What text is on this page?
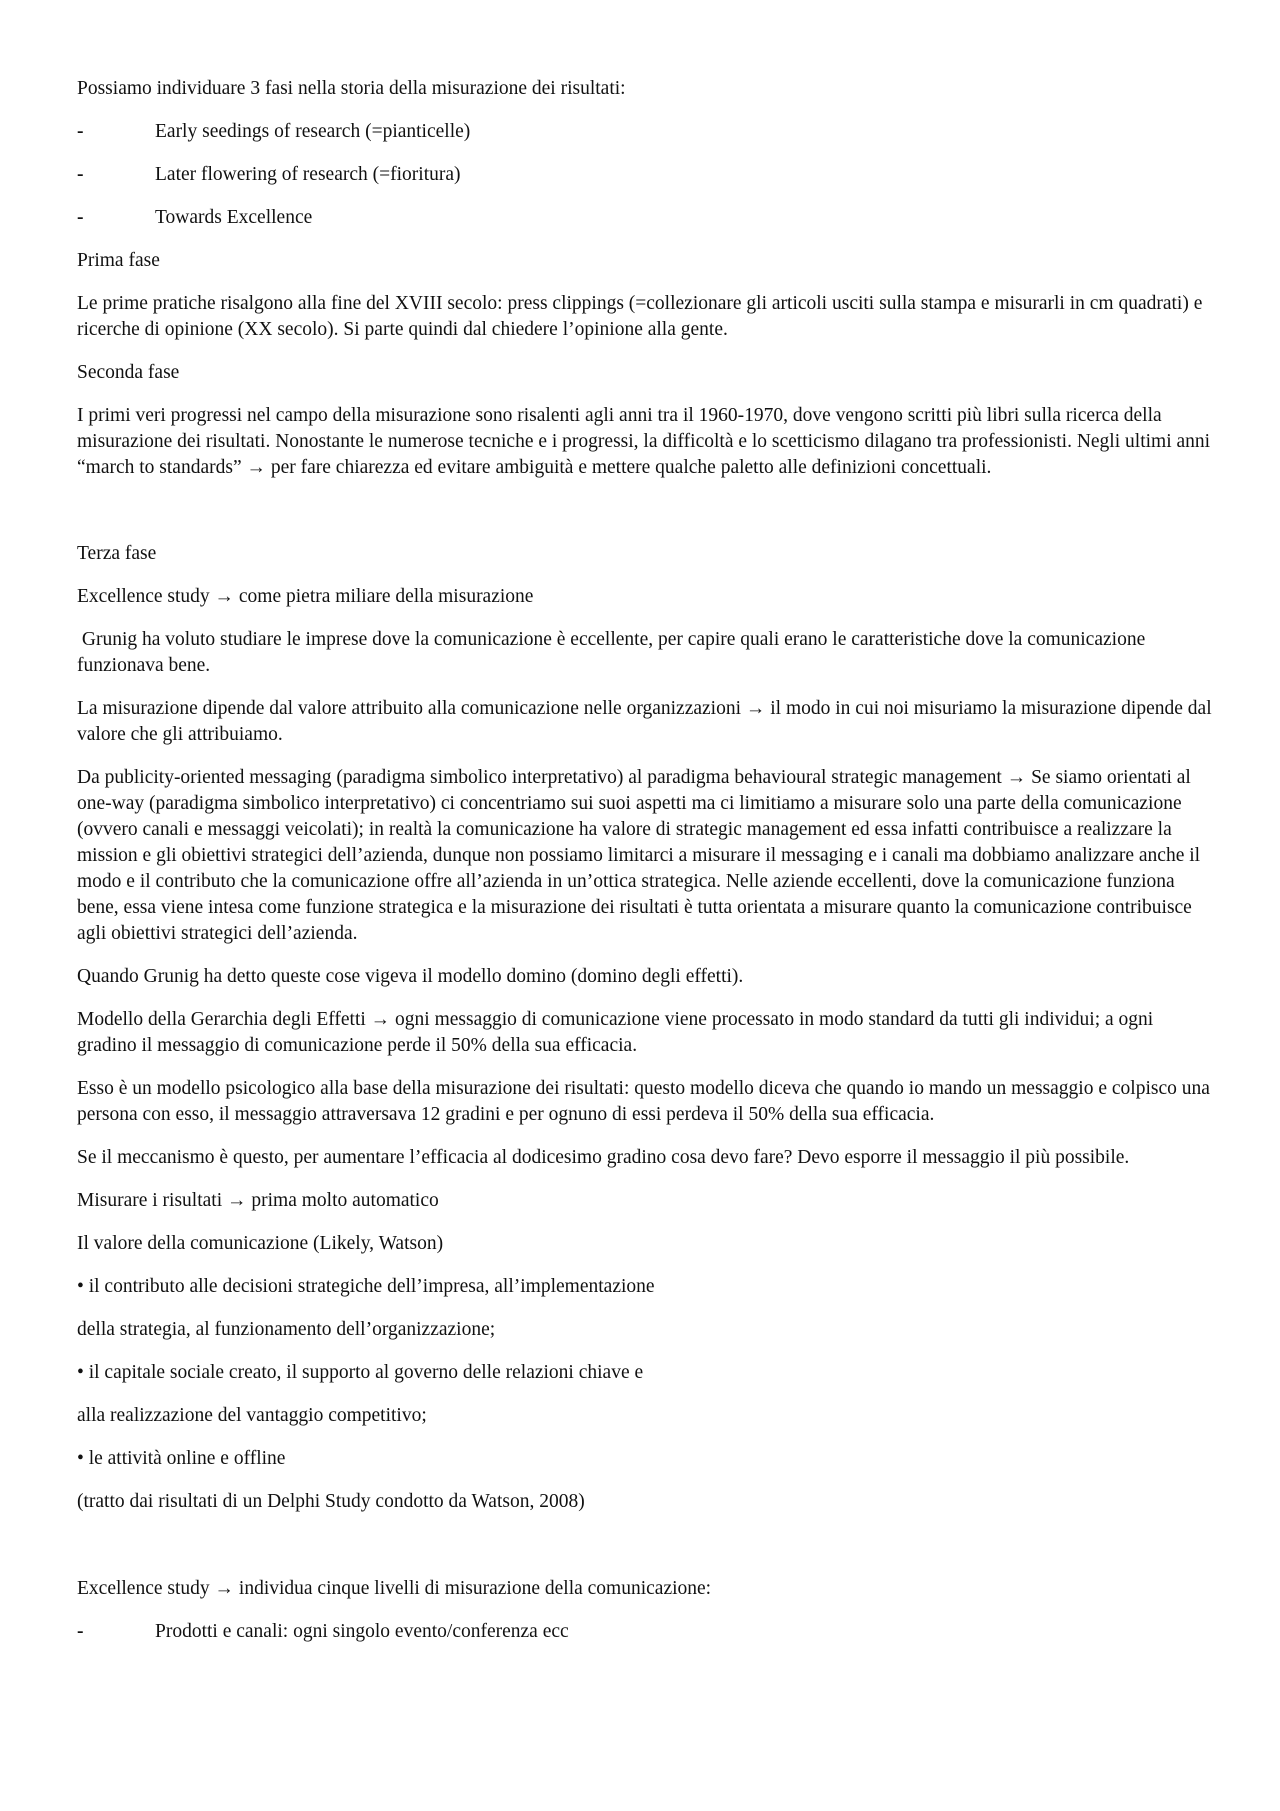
Possiamo individuare 3 fasi nella storia della misurazione dei risultati:

-	Early seedings of research (=pianticelle)
-	Later flowering of research (=fioritura)
-	Towards Excellence

Prima fase

Le prime pratiche risalgono alla fine del XVIII secolo: press clippings (=collezionare gli articoli usciti sulla stampa e misurarli in cm quadrati) e ricerche di opinione (XX secolo). Si parte quindi dal chiedere l’opinione alla gente.

Seconda fase

I primi veri progressi nel campo della misurazione sono risalenti agli anni tra il 1960-1970, dove vengono scritti più libri sulla ricerca della misurazione dei risultati. Nonostante le numerose tecniche e i progressi, la difficoltà e lo scetticismo dilagano tra professionisti. Negli ultimi anni “march to standards” → per fare chiarezza ed evitare ambiguità e mettere qualche paletto alle definizioni concettuali.

Terza fase

Excellence study → come pietra miliare della misurazione

Grunig ha voluto studiare le imprese dove la comunicazione è eccellente, per capire quali erano le caratteristiche dove la comunicazione funzionava bene.

La misurazione dipende dal valore attribuito alla comunicazione nelle organizzazioni → il modo in cui noi misuriamo la misurazione dipende dal valore che gli attribuiamo.

Da publicity-oriented messaging (paradigma simbolico interpretativo) al paradigma behavioural strategic management → Se siamo orientati al one-way (paradigma simbolico interpretativo) ci concentriamo sui suoi aspetti ma ci limitiamo a misurare solo una parte della comunicazione (ovvero canali e messaggi veicolati); in realtà la comunicazione ha valore di strategic management ed essa infatti contribuisce a realizzare la mission e gli obiettivi strategici dell’azienda, dunque non possiamo limitarci a misurare il messaging e i canali ma dobbiamo analizzare anche il modo e il contributo che la comunicazione offre all’azienda in un’ottica strategica. Nelle aziende eccellenti, dove la comunicazione funziona bene, essa viene intesa come funzione strategica e la misurazione dei risultati è tutta orientata a misurare quanto la comunicazione contribuisce agli obiettivi strategici dell’azienda.

Quando Grunig ha detto queste cose vigeva il modello domino (domino degli effetti).

Modello della Gerarchia degli Effetti → ogni messaggio di comunicazione viene processato in modo standard da tutti gli individui; a ogni gradino il messaggio di comunicazione perde il 50% della sua efficacia.

Esso è un modello psicologico alla base della misurazione dei risultati: questo modello diceva che quando io mando un messaggio e colpisco una persona con esso, il messaggio attraversava 12 gradini e per ognuno di essi perdeva il 50% della sua efficacia.

Se il meccanismo è questo, per aumentare l’efficacia al dodicesimo gradino cosa devo fare? Devo esporre il messaggio il più possibile.

Misurare i risultati → prima molto automatico

Il valore della comunicazione (Likely, Watson)

• il contributo alle decisioni strategiche dell’impresa, all’implementazione

della strategia, al funzionamento dell’organizzazione;

• il capitale sociale creato, il supporto al governo delle relazioni chiave e

alla realizzazione del vantaggio competitivo;

• le attività online e offline

(tratto dai risultati di un Delphi Study condotto da Watson, 2008)

Excellence study → individua cinque livelli di misurazione della comunicazione:

-	Prodotti e canali: ogni singolo evento/conferenza ecc
